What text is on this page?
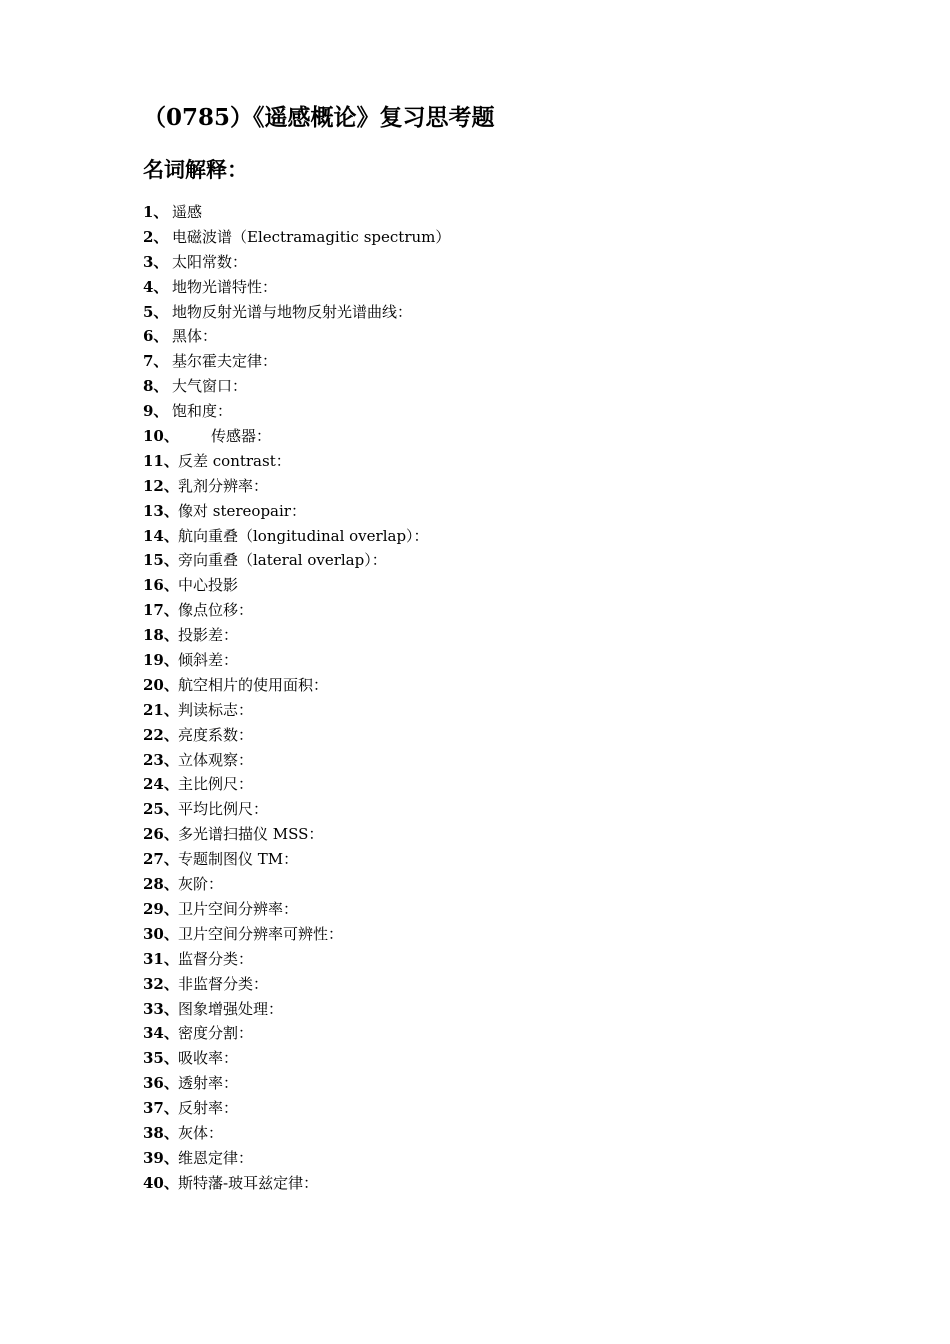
（0785）《遥感概论》复习思考题
名词解释：
1、 遥感
2、 电磁波谱（Electramagitic spectrum）
3、 太阳常数：
4、 地物光谱特性：
5、 地物反射光谱与地物反射光谱曲线：
6、 黑体：
7、 基尔霍夫定律：
8、 大气窗口：
9、 饱和度：
10、 传感器：
11、反差 contrast：
12、乳剂分辨率：
13、像对 stereopair：
14、航向重叠（longitudinal overlap）：
15、旁向重叠（lateral overlap）：
16、中心投影
17、像点位移：
18、投影差：
19、倾斜差：
20、航空相片的使用面积：
21、判读标志：
22、亮度系数：
23、立体观察：
24、主比例尺：
25、平均比例尺：
26、多光谱扫描仪 MSS：
27、专题制图仪 TM：
28、灰阶：
29、卫片空间分辨率：
30、卫片空间分辨率可辨性：
31、监督分类：
32、非监督分类：
33、图象增强处理：
34、密度分割：
35、吸收率：
36、透射率：
37、反射率：
38、灰体：
39、维恩定律：
40、斯特藩-玻耳兹定律：
